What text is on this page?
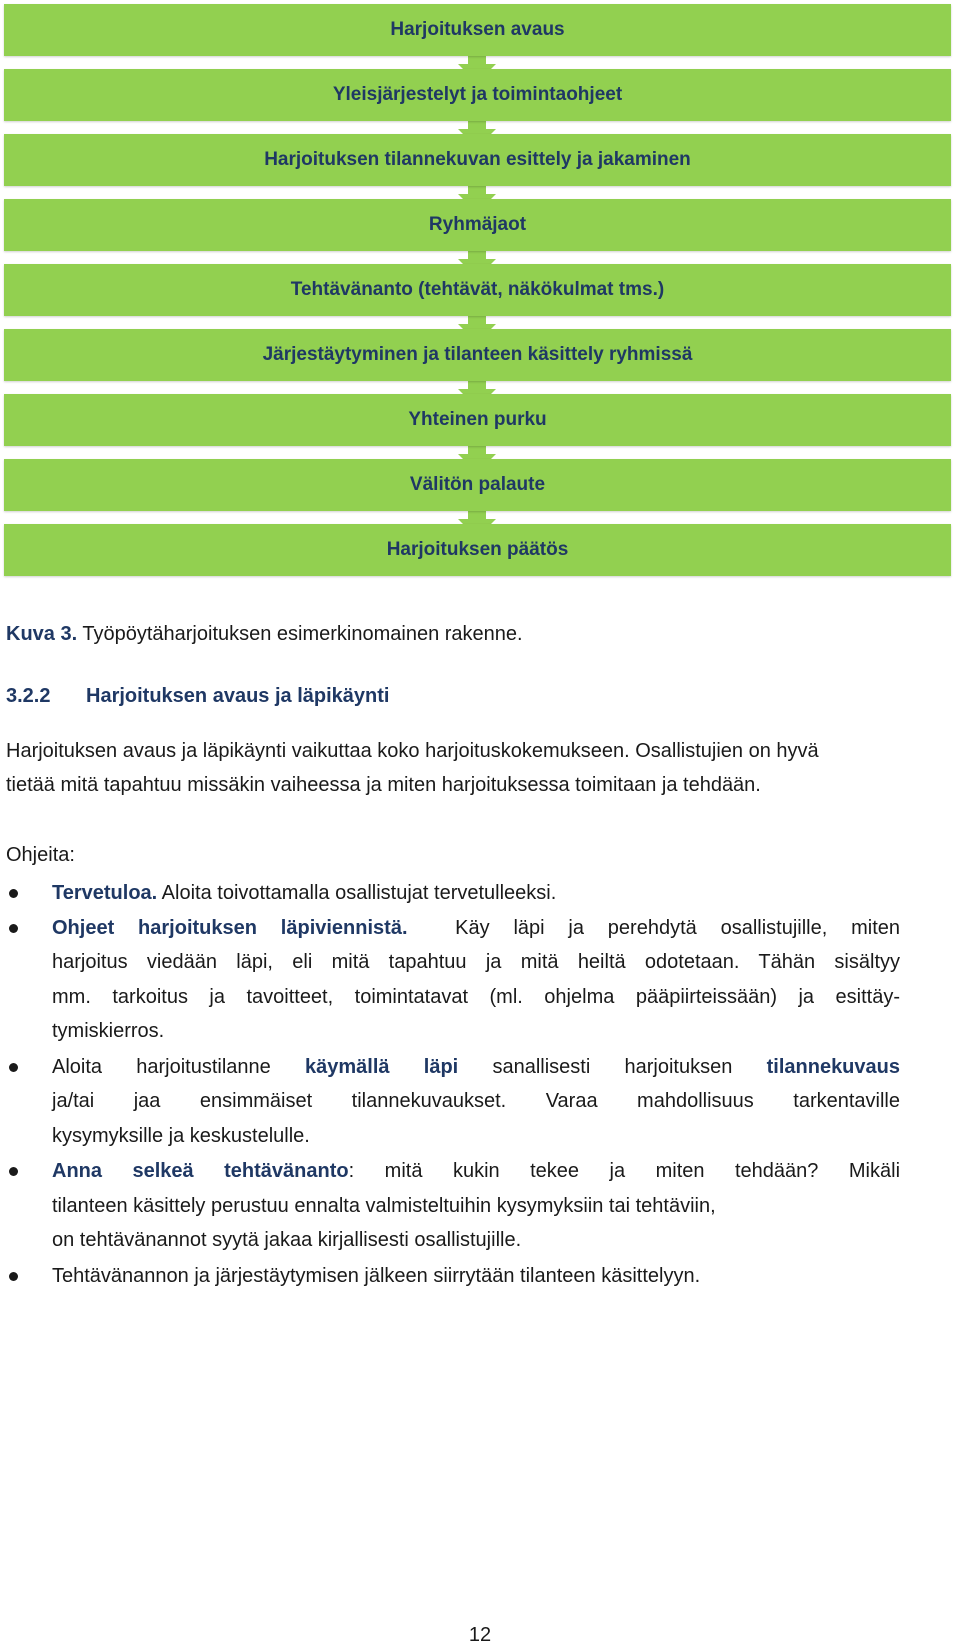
Harjoituksen avaus
Yleisjärjestelyt ja toimintaohjeet
Harjoituksen tilannekuvan esittely ja jakaminen
Ryhmäjaot
Tehtävänanto (tehtävät, näkökulmat tms.)
Järjestäytyminen ja tilanteen käsittely ryhmissä
Yhteinen purku
Välitön palaute
Harjoituksen päätös
Kuva 3. Työpöytäharjoituksen esimerkinomainen rakenne.
3.2.2 Harjoituksen avaus ja läpikäynti
Harjoituksen avaus ja läpikäynti vaikuttaa koko harjoituskokemukseen. Osallistujien on hyvä
tietää mitä tapahtuu missäkin vaiheessa ja miten harjoituksessa toimitaan ja tehdään.
Ohjeita:
Tervetuloa. Aloita toivottamalla osallistujat tervetulleeksi.
Ohjeet harjoituksen läpiviennistä. Käy läpi ja perehdytä osallistujille, miten
harjoitus viedään läpi, eli mitä tapahtuu ja mitä heiltä odotetaan. Tähän sisältyy
mm. tarkoitus ja tavoitteet, toimintatavat (ml. ohjelma pääpiirteissään) ja esittäy-
tymiskierros.
Aloita harjoitustilanne käymällä läpi sanallisesti harjoituksen tilannekuvaus
ja/tai jaa ensimmäiset tilannekuvaukset. Varaa mahdollisuus tarkentaville
kysymyksille ja keskustelulle.
Anna selkeä tehtävänanto: mitä kukin tekee ja miten tehdään? Mikäli
tilanteen käsittely perustuu ennalta valmisteltuihin kysymyksiin tai tehtäviin,
on tehtävänannot syytä jakaa kirjallisesti osallistujille.
Tehtävänannon ja järjestäytymisen jälkeen siirrytään tilanteen käsittelyyn.
12
